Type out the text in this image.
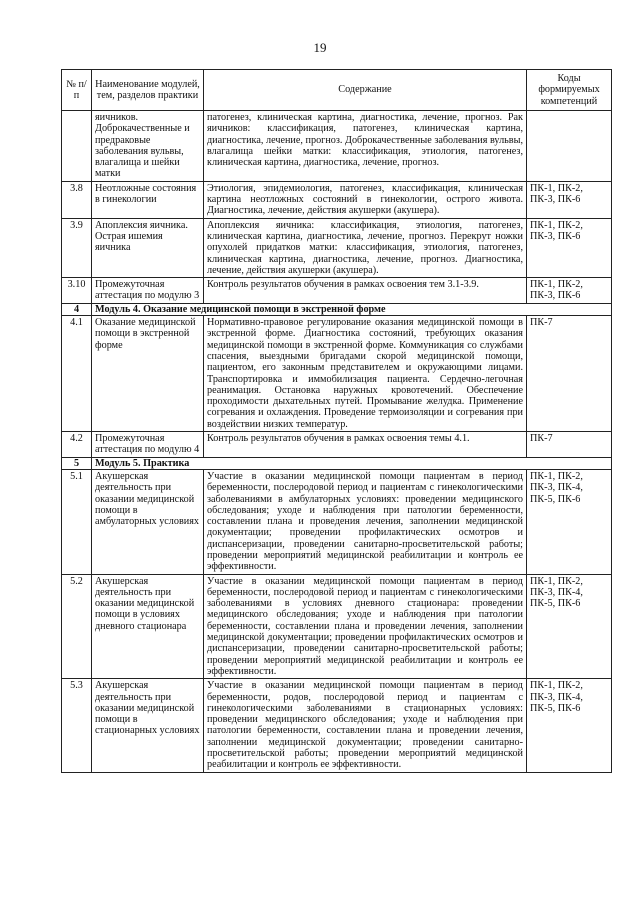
19
№ п/п	Наименование модулей, тем, разделов практики	Содержание	Коды формируемых компетенций
	яичников. Доброкачественные и предраковые заболевания вульвы, влагалища и шейки матки	патогенез, клиническая картина, диагностика, лечение, прогноз. Рак яичников: классификация, патогенез, клиническая картина, диагностика, лечение, прогноз. Доброкачественные заболевания вульвы, влагалища шейки матки: классификация, этиология, патогенез, клиническая картина, диагностика, лечение, прогноз.	
3.8	Неотложные состояния в гинекологии	Этиология, эпидемиология, патогенез, классификация, клиническая картина неотложных состояний в гинекологии, острого живота. Диагностика, лечение, действия акушерки (акушера).	ПК-1, ПК-2, ПК-3, ПК-6
3.9	Апоплексия яичника. Острая ишемия яичника	Апоплексия яичника: классификация, этиология, патогенез, клиническая картина, диагностика, лечение, прогноз. Перекрут ножки опухолей придатков матки: классификация, этиология, патогенез, клиническая картина, диагностика, лечение, прогноз. Диагностика, лечение, действия акушерки (акушера).	ПК-1, ПК-2, ПК-3, ПК-6
3.10	Промежуточная аттестация по модулю 3	Контроль результатов обучения в рамках освоения тем 3.1-3.9.	ПК-1, ПК-2, ПК-3, ПК-6
4	Модуль 4. Оказание медицинской помощи в экстренной форме		
4.1	Оказание медицинской помощи в экстренной форме	Нормативно-правовое регулирование оказания медицинской помощи в экстренной форме. Диагностика состояний, требующих оказания медицинской помощи в экстренной форме. Коммуникация со службами спасения, выездными бригадами скорой медицинской помощи, пациентом, его законным представителем и окружающими лицами. Транспортировка и иммобилизация пациента. Сердечно-легочная реанимация. Остановка наружных кровотечений. Обеспечение проходимости дыхательных путей. Промывание желудка. Применение согревания и охлаждения. Проведение термоизоляции и согревания при воздействии низких температур.	ПК-7
4.2	Промежуточная аттестация по модулю 4	Контроль результатов обучения в рамках освоения темы 4.1.	ПК-7
5	Модуль 5. Практика		
5.1	Акушерская деятельность при оказании медицинской помощи в амбулаторных условиях	Участие в оказании медицинской помощи пациентам в период беременности, послеродовой период и пациентам с гинекологическими заболеваниями в амбулаторных условиях: проведении медицинского обследования; уходе и наблюдения при патологии беременности, составлении плана и проведения лечения, заполнении медицинской документации; проведении профилактических осмотров и диспансеризации, проведении санитарно-просветительской работы; проведении мероприятий медицинской реабилитации и контроль ее эффективности.	ПК-1, ПК-2, ПК-3, ПК-4, ПК-5, ПК-6
5.2	Акушерская деятельность при оказании медицинской помощи в условиях дневного стационара	Участие в оказании медицинской помощи пациентам в период беременности, послеродовой период и пациентам с гинекологическими заболеваниями в условиях дневного стационара: проведении медицинского обследования; уходе и наблюдения при патологии беременности, составлении плана и проведении лечения, заполнении медицинской документации; проведении профилактических осмотров и диспансеризации, проведении санитарно-просветительской работы; проведении мероприятий медицинской реабилитации и контроль ее эффективности.	ПК-1, ПК-2, ПК-3, ПК-4, ПК-5, ПК-6
5.3	Акушерская деятельность при оказании медицинской помощи в стационарных условиях	Участие в оказании медицинской помощи пациентам в период беременности, родов, послеродовой период и пациентам с гинекологическими заболеваниями в стационарных условиях: проведении медицинского обследования; уходе и наблюдения при патологии беременности, составлении плана и проведении лечения, заполнении медицинской документации; проведении санитарно-просветительской работы; проведении мероприятий медицинской реабилитации и контроль ее эффективности.	ПК-1, ПК-2, ПК-3, ПК-4, ПК-5, ПК-6
